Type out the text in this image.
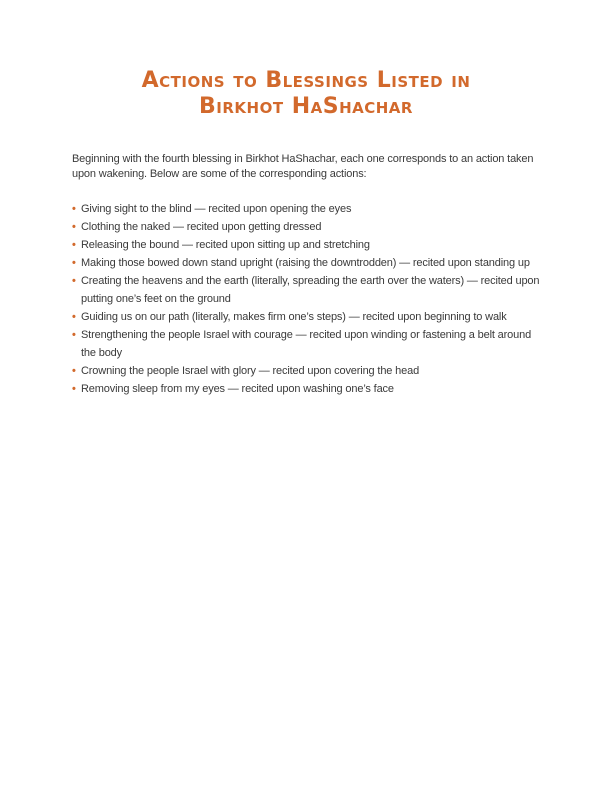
Actions to Blessings Listed in
Birkhot HaShachar

Beginning with the fourth blessing in Birkhot HaShachar, each one corresponds to an action taken upon wakening. Below are some of the corresponding actions:

• Giving sight to the blind — recited upon opening the eyes
• Clothing the naked — recited upon getting dressed
• Releasing the bound — recited upon sitting up and stretching
• Making those bowed down stand upright (raising the downtrodden) — recited upon standing up
• Creating the heavens and the earth (literally, spreading the earth over the waters) — recited upon putting one’s feet on the ground
• Guiding us on our path (literally, makes firm one’s steps) — recited upon beginning to walk
• Strengthening the people Israel with courage — recited upon winding or fastening a belt around the body
• Crowning the people Israel with glory — recited upon covering the head
• Removing sleep from my eyes — recited upon washing one’s face
